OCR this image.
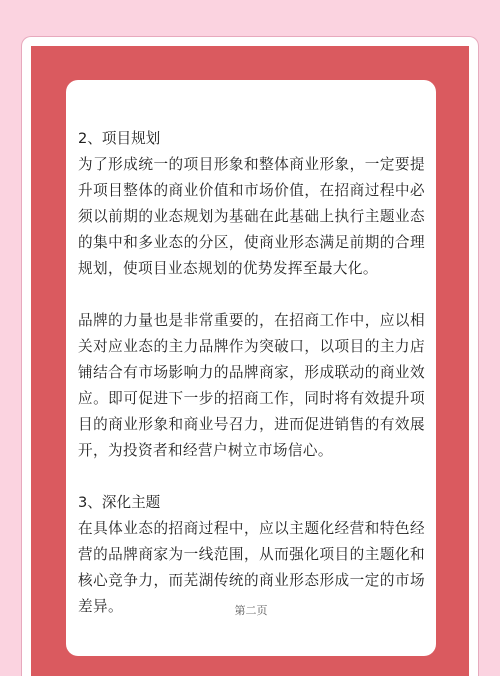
2、项目规划

为了形成统一的项目形象和整体商业形象，一定要提升项目整体的商业价值和市场价值，在招商过程中必须以前期的业态规划为基础在此基础上执行主题业态的集中和多业态的分区，使商业形态满足前期的合理规划，使项目业态规划的优势发挥至最大化。

品牌的力量也是非常重要的，在招商工作中，应以相关对应业态的主力品牌作为突破口，以项目的主力店铺结合有市场影响力的品牌商家，形成联动的商业效应。即可促进下一步的招商工作，同时将有效提升项目的商业形象和商业号召力，进而促进销售的有效展开，为投资者和经营户树立市场信心。

3、深化主题

在具体业态的招商过程中，应以主题化经营和特色经营的品牌商家为一线范围，从而强化项目的主题化和核心竞争力，而芜湖传统的商业形态形成一定的市场差异。	第二页
